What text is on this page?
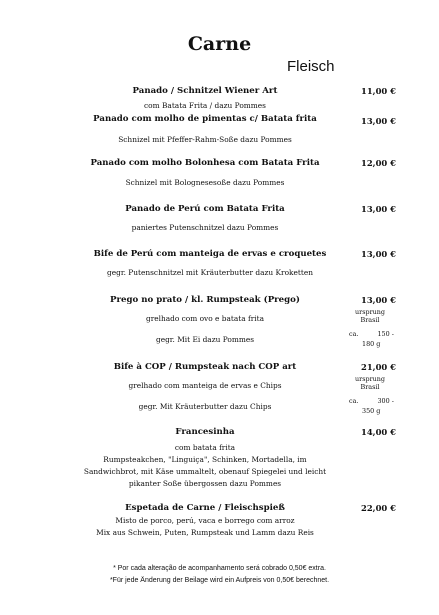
Carne
Fleisch
Panado / Schnitzel Wiener Art	11,00 €
com Batata Frita / dazu Pommes
Panado com molho de pimentas c/ Batata frita	13,00 €
Schnizel mit Pfeffer-Rahm-Soße dazu Pommes
Panado com molho Bolonhesa com Batata Frita	12,00 €
Schnizel mit Bolognesesoße dazu Pommes
Panado de Perú com Batata Frita	13,00 €
paniertes Putenschnitzel dazu Pommes
Bife de Perú com manteiga de ervas e croquetes	13,00 €
gegr. Putenschnitzel mit Kräuterbutter dazu Kroketten
Prego no prato / kl. Rumpsteak (Prego)	13,00 €
grelhado com ovo e batata frita
gegr. Mit Ei dazu Pommes
ursprung
Brasil
ca.	150 -
180 g
Bife à COP / Rumpsteak nach COP art	21,00 €
grelhado com manteiga de ervas e Chips
gegr. Mit Kräuterbutter dazu Chips
ursprung
Brasil
ca.	300 -
350 g
Francesinha	14,00 €
com batata frita
Rumpsteakchen, "Linguiça", Schinken, Mortadella, im
Sandwichbrot, mit Käse ummaltelt, obenauf Spiegelei und leicht
pikanter Soße übergossen dazu Pommes
Espetada de Carne / Fleischspieß	22,00 €
Misto de porco, perú, vaca e borrego com arroz
Mix aus Schwein, Puten, Rumpsteak und Lamm dazu Reis
* Por cada alteração de acompanhamento será cobrado 0,50€ extra.
*Für jede Änderung der Beilage wird ein Aufpreis von 0,50€ berechnet.
